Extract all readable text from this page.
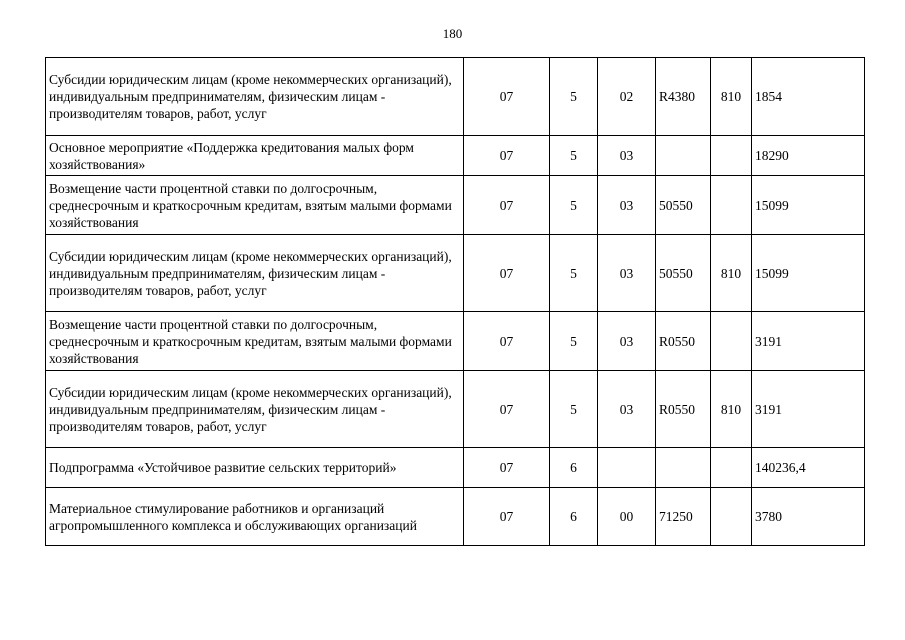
180
Субсидии юридическим лицам (кроме некоммерческих организаций), индивидуальным предпринимателям, физическим лицам - производителям товаров, работ, услуг	07	5	02	R4380	810	1854
Основное мероприятие «Поддержка кредитования малых форм хозяйствования»	07	5	03			18290
Возмещение части процентной ставки по долгосрочным, среднесрочным и краткосрочным кредитам, взятым малыми формами хозяйствования	07	5	03	50550		15099
Субсидии юридическим лицам (кроме некоммерческих организаций), индивидуальным предпринимателям, физическим лицам - производителям товаров, работ, услуг	07	5	03	50550	810	15099
Возмещение части процентной ставки по долгосрочным, среднесрочным и краткосрочным кредитам, взятым малыми формами хозяйствования	07	5	03	R0550		3191
Субсидии юридическим лицам (кроме некоммерческих организаций), индивидуальным предпринимателям, физическим лицам - производителям товаров, работ, услуг	07	5	03	R0550	810	3191
Подпрограмма «Устойчивое развитие сельских территорий»	07	6				140236,4
Материальное стимулирование работников и организаций агропромышленного комплекса и обслуживающих организаций	07	6	00	71250		3780
